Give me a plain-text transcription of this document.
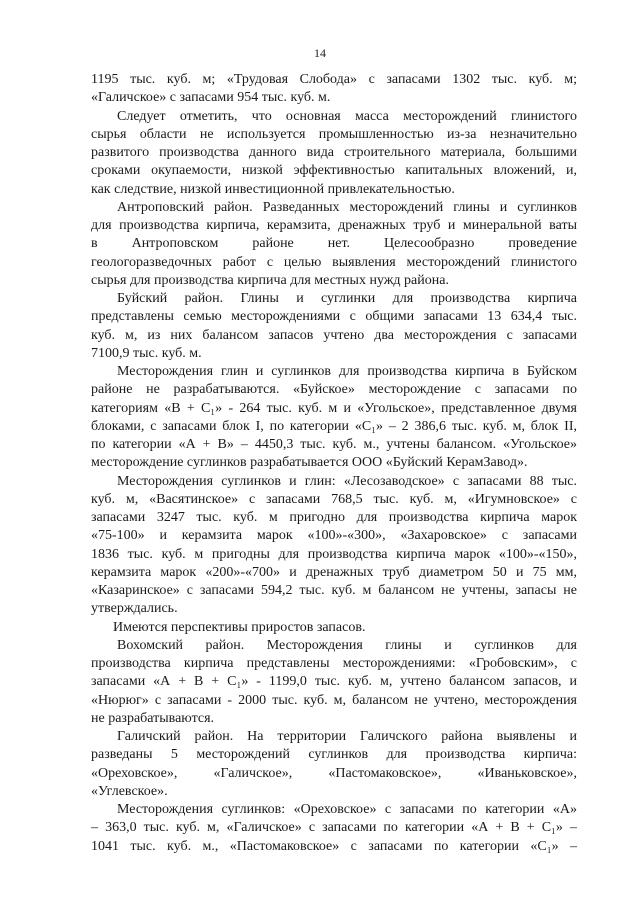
14
1195 тыс. куб. м; «Трудовая Слобода» с запасами 1302 тыс. куб. м;
«Галичское» с запасами 954 тыс. куб. м.
Следует отметить, что основная масса месторождений глинистого
сырья области не используется промышленностью из-за незначительно
развитого производства данного вида строительного материала, большими
сроками окупаемости, низкой эффективностью капитальных вложений, и,
как следствие, низкой инвестиционной привлекательностью.
Антроповский район. Разведанных месторождений глины и суглинков
для производства кирпича, керамзита, дренажных труб и минеральной ваты
в Антроповском районе нет. Целесообразно проведение
геологоразведочных работ с целью выявления месторождений глинистого
сырья для производства кирпича для местных нужд района.
Буйский район. Глины и суглинки для производства кирпича
представлены семью месторождениями с общими запасами 13 634,4 тыс.
куб. м, из них балансом запасов учтено два месторождения с запасами
7100,9 тыс. куб. м.
Месторождения глин и суглинков для производства кирпича в Буйском
районе не разрабатываются. «Буйское» месторождение с запасами по
категориям «В + С₁» - 264 тыс. куб. м и «Угольское», представленное двумя
блоками, с запасами блок I, по категории «С₁» – 2 386,6 тыс. куб. м, блок II,
по категории «А + В» – 4450,3 тыс. куб. м., учтены балансом. «Угольское»
месторождение суглинков разрабатывается ООО «Буйский КерамЗавод».
Месторождения суглинков и глин: «Лесозаводское» с запасами 88 тыс.
куб. м, «Васятинское» с запасами 768,5 тыс. куб. м, «Игумновское» с
запасами 3247 тыс. куб. м пригодно для производства кирпича марок
«75-100» и керамзита марок «100»-«300», «Захаровское» с запасами
1836 тыс. куб. м пригодны для производства кирпича марок «100»-«150»,
керамзита марок «200»-«700» и дренажных труб диаметром 50 и 75 мм,
«Казаринское» с запасами 594,2 тыс. куб. м балансом не учтены, запасы не
утверждались.
Имеются перспективы приростов запасов.
Вохомский район. Месторождения глины и суглинков для
производства кирпича представлены месторождениями: «Гробовским», с
запасами «А + В + С₁» - 1199,0 тыс. куб. м, учтено балансом запасов, и
«Нюрюг» с запасами - 2000 тыс. куб. м, балансом не учтено, месторождения
не разрабатываются.
Галичский район. На территории Галичского района выявлены и
разведаны 5 месторождений суглинков для производства кирпича:
«Ореховское», «Галичское», «Пастомаковское», «Иваньковское»,
«Углевское».
Месторождения суглинков: «Ореховское» с запасами по категории «А»
– 363,0 тыс. куб. м, «Галичское» с запасами по категории «А + В + С₁» –
1041 тыс. куб. м., «Пастомаковское» с запасами по категории «С₁» –
